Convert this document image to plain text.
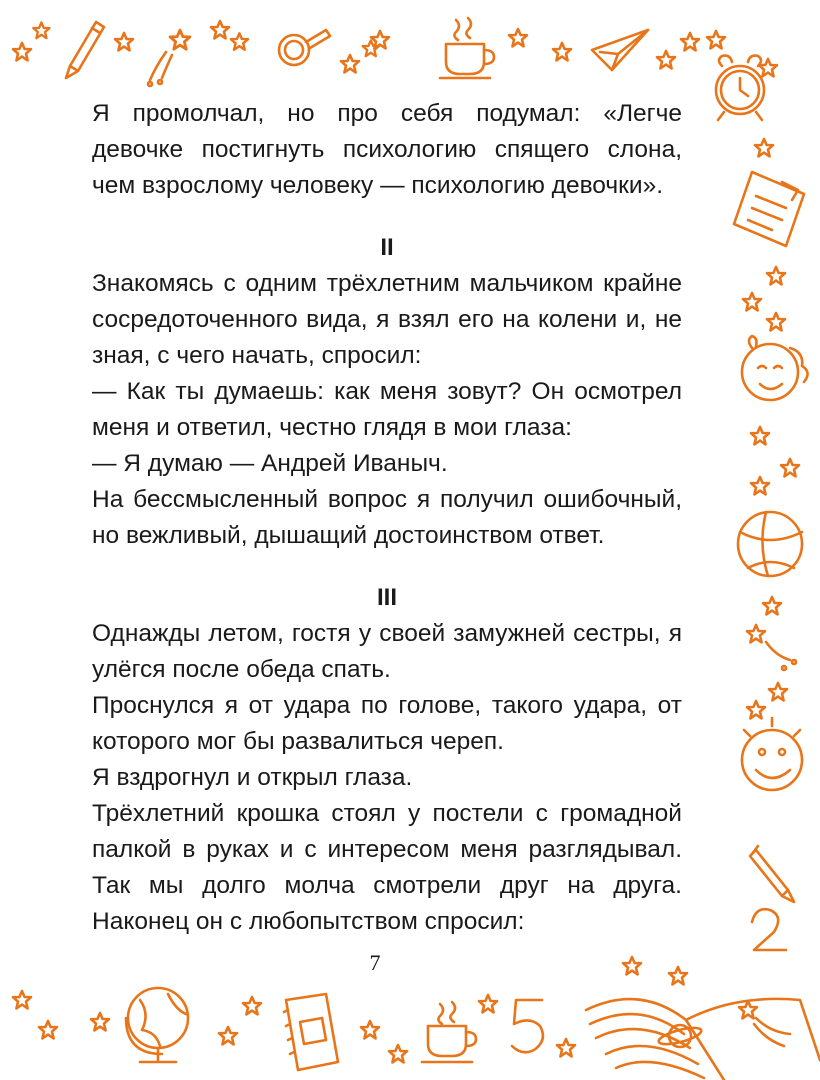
Я промолчал, но про себя подумал: «Легче девочке постигнуть психологию спящего слона, чем взрослому человеку — психологию девочки».

II

Знакомясь с одним трёхлетним мальчиком крайне сосредоточенного вида, я взял его на колени и, не зная, с чего начать, спросил:

— Как ты думаешь: как меня зовут? Он осмотрел меня и ответил, честно глядя в мои глаза:

— Я думаю — Андрей Иваныч.

На бессмысленный вопрос я получил ошибочный, но вежливый, дышащий достоинством ответ.

III

Однажды летом, гостя у своей замужней сестры, я улёгся после обеда спать.

Проснулся я от удара по голове, такого удара, от которого мог бы развалиться череп.

Я вздрогнул и открыл глаза.

Трёхлетний крошка стоял у постели с громадной палкой в руках и с интересом меня разглядывал. Так мы долго молча смотрели друг на друга. Наконец он с любопытством спросил:

7
